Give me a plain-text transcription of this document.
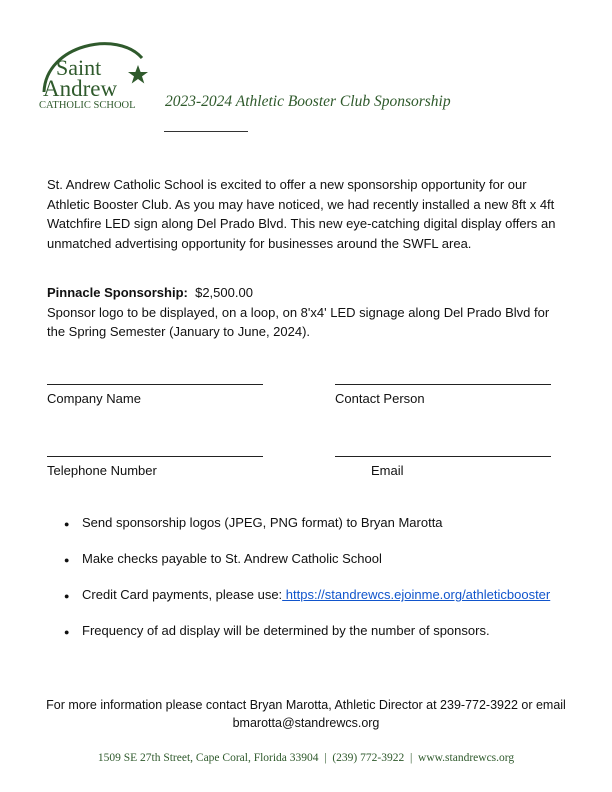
Saint
Andrew
CATHOLIC SCHOOL 2023-2024 Athletic Booster Club Sponsorship
St. Andrew Catholic School is excited to offer a new sponsorship opportunity for our Athletic Booster Club. As you may have noticed, we had recently installed a new 8ft x 4ft Watchfire LED sign along Del Prado Blvd. This new eye-catching digital display offers an unmatched advertising opportunity for businesses around the SWFL area.
Pinnacle Sponsorship: $2,500.00
Sponsor logo to be displayed, on a loop, on 8'x4' LED signage along Del Prado Blvd for the Spring Semester (January to June, 2024).
Company Name	Contact Person
Telephone Number	Email
● Send sponsorship logos (JPEG, PNG format) to Bryan Marotta
● Make checks payable to St. Andrew Catholic School
● Credit Card payments, please use: https://standrewcs.ejoinme.org/athleticbooster
● Frequency of ad display will be determined by the number of sponsors.
For more information please contact Bryan Marotta, Athletic Director at 239-772-3922 or email
bmarotta@standrewcs.org
1509 SE 27th Street, Cape Coral, Florida 33904  |  (239) 772-3922  |  www.standrewcs.org
